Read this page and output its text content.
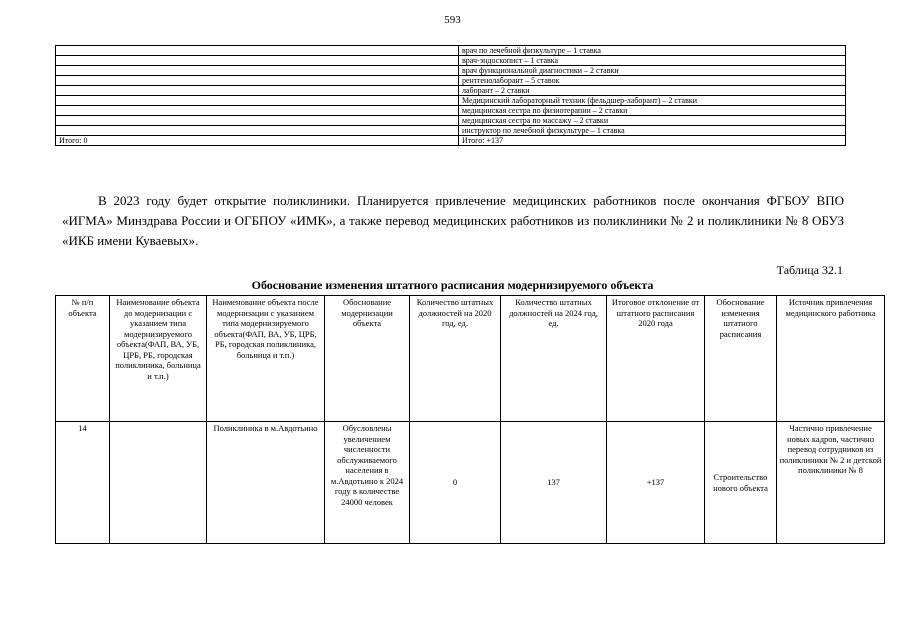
593
	врач по лечебной физкультуре – 1 ставка
	врач-эндоскопист – 1 ставка
	врач функциональной диагностики – 2 ставки
	рентгенолаборант – 5 ставок
	лаборант – 2 ставки
	Медицинский лабораторный техник (фельдшер-лаборант) – 2 ставки
	медицинская сестра по физиотерапии – 2 ставки
	медицинская сестра по массажу – 2 ставки
	инструктор по лечебной физкультуре – 1 ставка
Итого: 0	Итого: +137

В 2023 году будет открытие поликлиники. Планируется привлечение медицинских работников после окончания ФГБОУ ВПО «ИГМА» Минздрава России и ОГБПОУ «ИМК», а также перевод медицинских работников из поликлиники № 2 и поликлиники № 8 ОБУЗ «ИКБ имени Куваевых».

Таблица 32.1
Обоснование изменения штатного расписания модернизируемого объекта
№ п/п объекта	Наименование объекта до модернизации с указанием типа модернизируемого объекта(ФАП, ВА, УБ, ЦРБ, РБ, городская поликлиника, больница и т.п.)	Наименование объекта после модернизации с указанием типа модернизируемого объекта(ФАП, ВА, УБ, ЦРБ, РБ, городская поликлиника, больница и т.п.)	Обоснование модернизации объекта	Количество штатных должностей на 2020 год, ед.	Количество штатных должностей на 2024 год, ед.	Итоговое отклонение от штатного расписания 2020 года	Обоснование изменения штатного расписания	Источник привлечения медицинского работника
14		Поликлиника в м.Авдотьино	Обусловлены увеличением численности обслуживаемого населения в м.Авдотьино к 2024 году в количестве 24000 человек	0	137	+137	Строительство нового объекта	Частично привлечение новых кадров, частично перевод сотрудников из поликлиники № 2 и детской поликлиники № 8
